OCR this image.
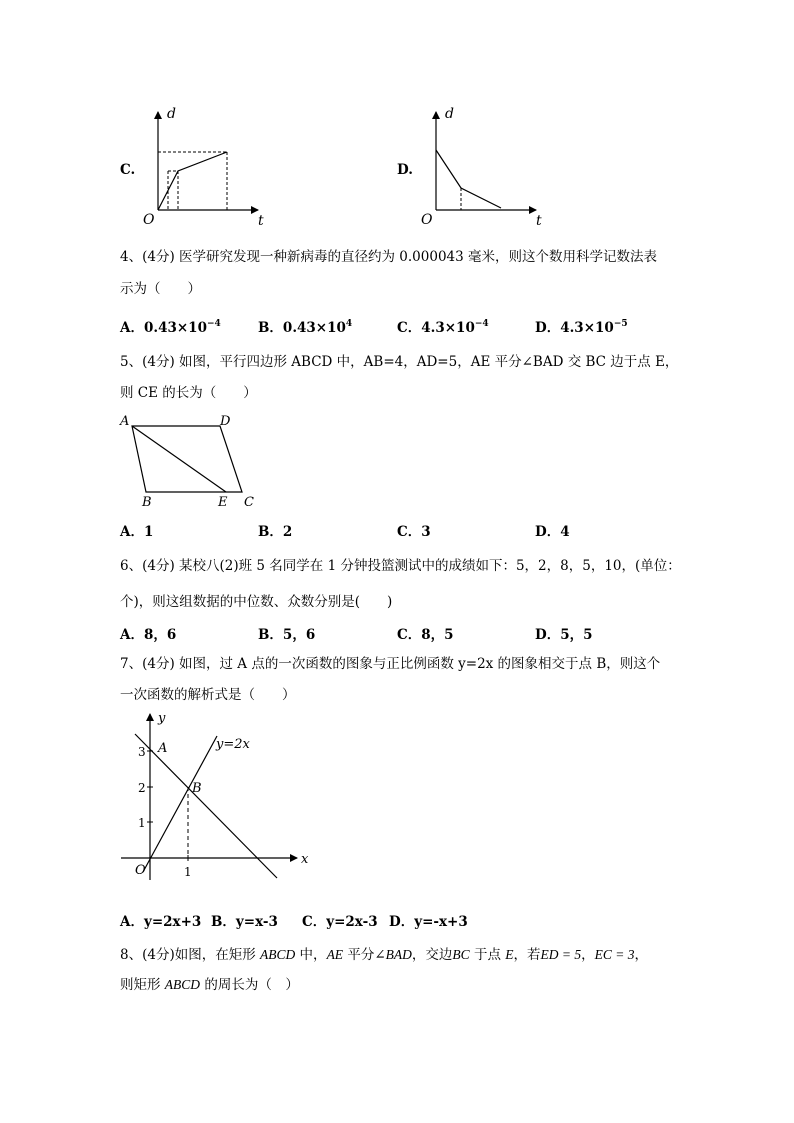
C.
d
t
O
D.
d
t
O
4、(4分) 医学研究发现一种新病毒的直径约为 0.000043 毫米，则这个数用科学记数法表
示为（　　）
A．$0.43\times 10^{-4}$	B．$0.43\times 10^4$	C．$4.3\times 10^{-4}$	D．$4.3\times 10^{-5}$
5、(4分) 如图，平行四边形 ABCD 中，AB=4，AD=5，AE 平分∠BAD 交 BC 边于点 E，
则 CE 的长为（　　）
A	D
B	E C
A．1	B．2	C．3	D．4
6、(4分) 某校八(2)班 5 名同学在 1 分钟投篮测试中的成绩如下：5，2，8，5，10，(单位：
个)，则这组数据的中位数、众数分别是(　　)
A．8，6	B．5，6	C．8，5	D．5，5
7、(4分) 如图，过 A 点的一次函数的图象与正比例函数 y=2x 的图象相交于点 B，则这个
一次函数的解析式是（　　）
y
x
O
A
B
y=2x
3
2
1
1
A．y=2x+3 B．y=x-3 C．y=2x-3 D．y=-x+3
8、(4分)如图，在矩形 ABCD 中，AE 平分∠BAD，交边BC 于点 E，若ED = 5，EC = 3，
则矩形 ABCD 的周长为（　）
